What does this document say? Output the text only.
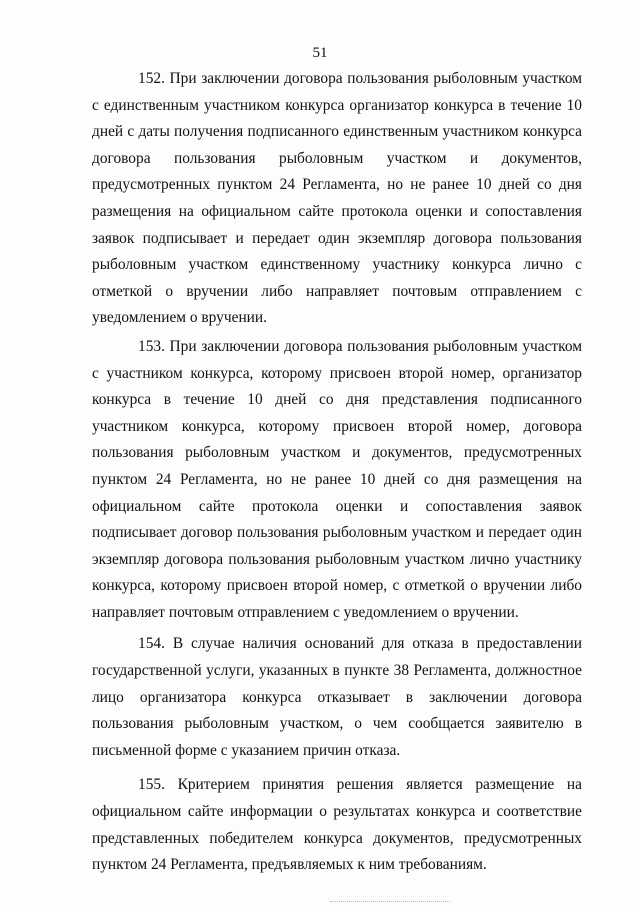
51

152. При заключении договора пользования рыболовным участком с единственным участником конкурса организатор конкурса в течение 10 дней с даты получения подписанного единственным участником конкурса договора пользования рыболовным участком и документов, предусмотренных пунктом 24 Регламента, но не ранее 10 дней со дня размещения на официальном сайте протокола оценки и сопоставления заявок подписывает и передает один экземпляр договора пользования рыболовным участком единственному участнику конкурса лично с отметкой о вручении либо направляет почтовым отправлением с уведомлением о вручении.

153. При заключении договора пользования рыболовным участком с участником конкурса, которому присвоен второй номер, организатор конкурса в течение 10 дней со дня представления подписанного участником конкурса, которому присвоен второй номер, договора пользования рыболовным участком и документов, предусмотренных пунктом 24 Регламента, но не ранее 10 дней со дня размещения на официальном сайте протокола оценки и сопоставления заявок подписывает договор пользования рыболовным участком и передает один экземпляр договора пользования рыболовным участком лично участнику конкурса, которому присвоен второй номер, с отметкой о вручении либо направляет почтовым отправлением с уведомлением о вручении.

154. В случае наличия оснований для отказа в предоставлении государственной услуги, указанных в пункте 38 Регламента, должностное лицо организатора конкурса отказывает в заключении договора пользования рыболовным участком, о чем сообщается заявителю в письменной форме с указанием причин отказа.

155. Критерием принятия решения является размещение на официальном сайте информации о результатах конкурса и соответствие представленных победителем конкурса документов, предусмотренных пунктом 24 Регламента, предъявляемых к ним требованиям.
